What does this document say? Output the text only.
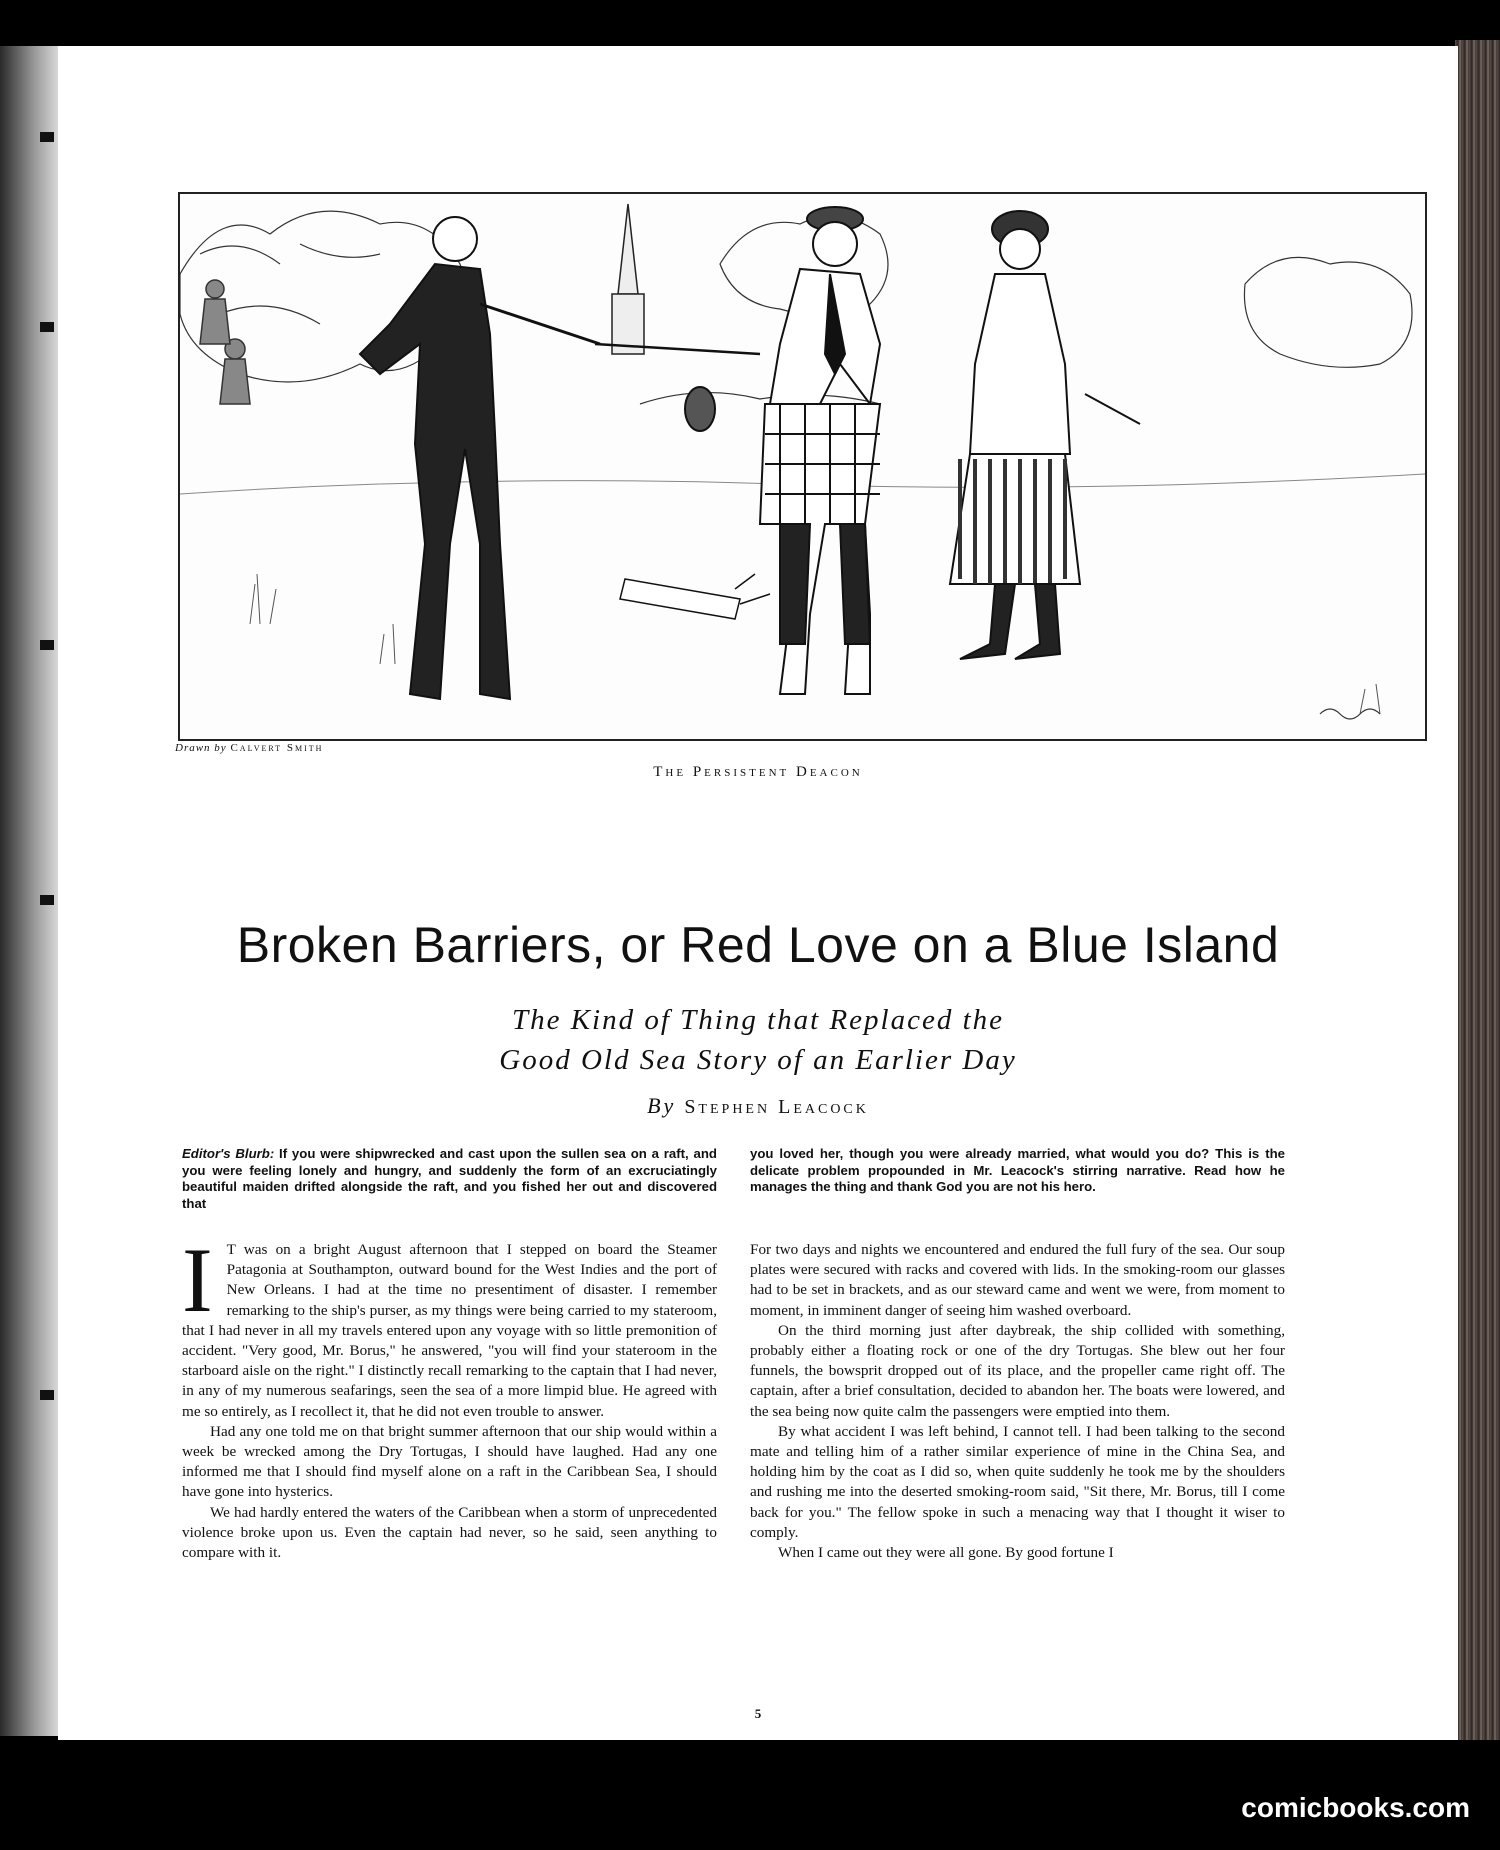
Drawn by Calvert Smith
The Persistent Deacon
Broken Barriers, or Red Love on a Blue Island
The Kind of Thing that Replaced the
Good Old Sea Story of an Earlier Day
By Stephen Leacock
Editor's Blurb: If you were shipwrecked and cast upon the sullen sea on a raft, and you were feeling lonely and hungry, and suddenly the form of an excruciatingly beautiful maiden drifted alongside the raft, and you fished her out and discovered that
you loved her, though you were already married, what would you do? This is the delicate problem propounded in Mr. Leacock's stirring narrative. Read how he manages the thing and thank God you are not his hero.
I T was on a bright August afternoon that I stepped on board the Steamer Patagonia at Southampton, outward bound for the West Indies and the port of New Orleans. I had at the time no presentiment of disaster. I remember remarking to the ship's purser, as my things were being carried to my stateroom, that I had never in all my travels entered upon any voyage with so little premonition of accident. "Very good, Mr. Borus," he answered, "you will find your stateroom in the starboard aisle on the right." I distinctly recall remarking to the captain that I had never, in any of my numerous seafarings, seen the sea of a more limpid blue. He agreed with me so entirely, as I recollect it, that he did not even trouble to answer.

Had any one told me on that bright summer afternoon that our ship would within a week be wrecked among the Dry Tortugas, I should have laughed. Had any one informed me that I should find myself alone on a raft in the Caribbean Sea, I should have gone into hysterics.

We had hardly entered the waters of the Caribbean when a storm of unprecedented violence broke upon us. Even the captain had never, so he said, seen anything to compare with it.

For two days and nights we encountered and endured the full fury of the sea. Our soup plates were secured with racks and covered with lids. In the smoking-room our glasses had to be set in brackets, and as our steward came and went we were, from moment to moment, in imminent danger of seeing him washed overboard.

On the third morning just after daybreak, the ship collided with something, probably either a floating rock or one of the dry Tortugas. She blew out her four funnels, the bowsprit dropped out of its place, and the propeller came right off. The captain, after a brief consultation, decided to abandon her. The boats were lowered, and the sea being now quite calm the passengers were emptied into them.

By what accident I was left behind, I cannot tell. I had been talking to the second mate and telling him of a rather similar experience of mine in the China Sea, and holding him by the coat as I did so, when quite suddenly he took me by the shoulders and rushing me into the deserted smoking-room said, "Sit there, Mr. Borus, till I come back for you." The fellow spoke in such a menacing way that I thought it wiser to comply.

When I came out they were all gone. By good fortune I

5
comicbooks.com
